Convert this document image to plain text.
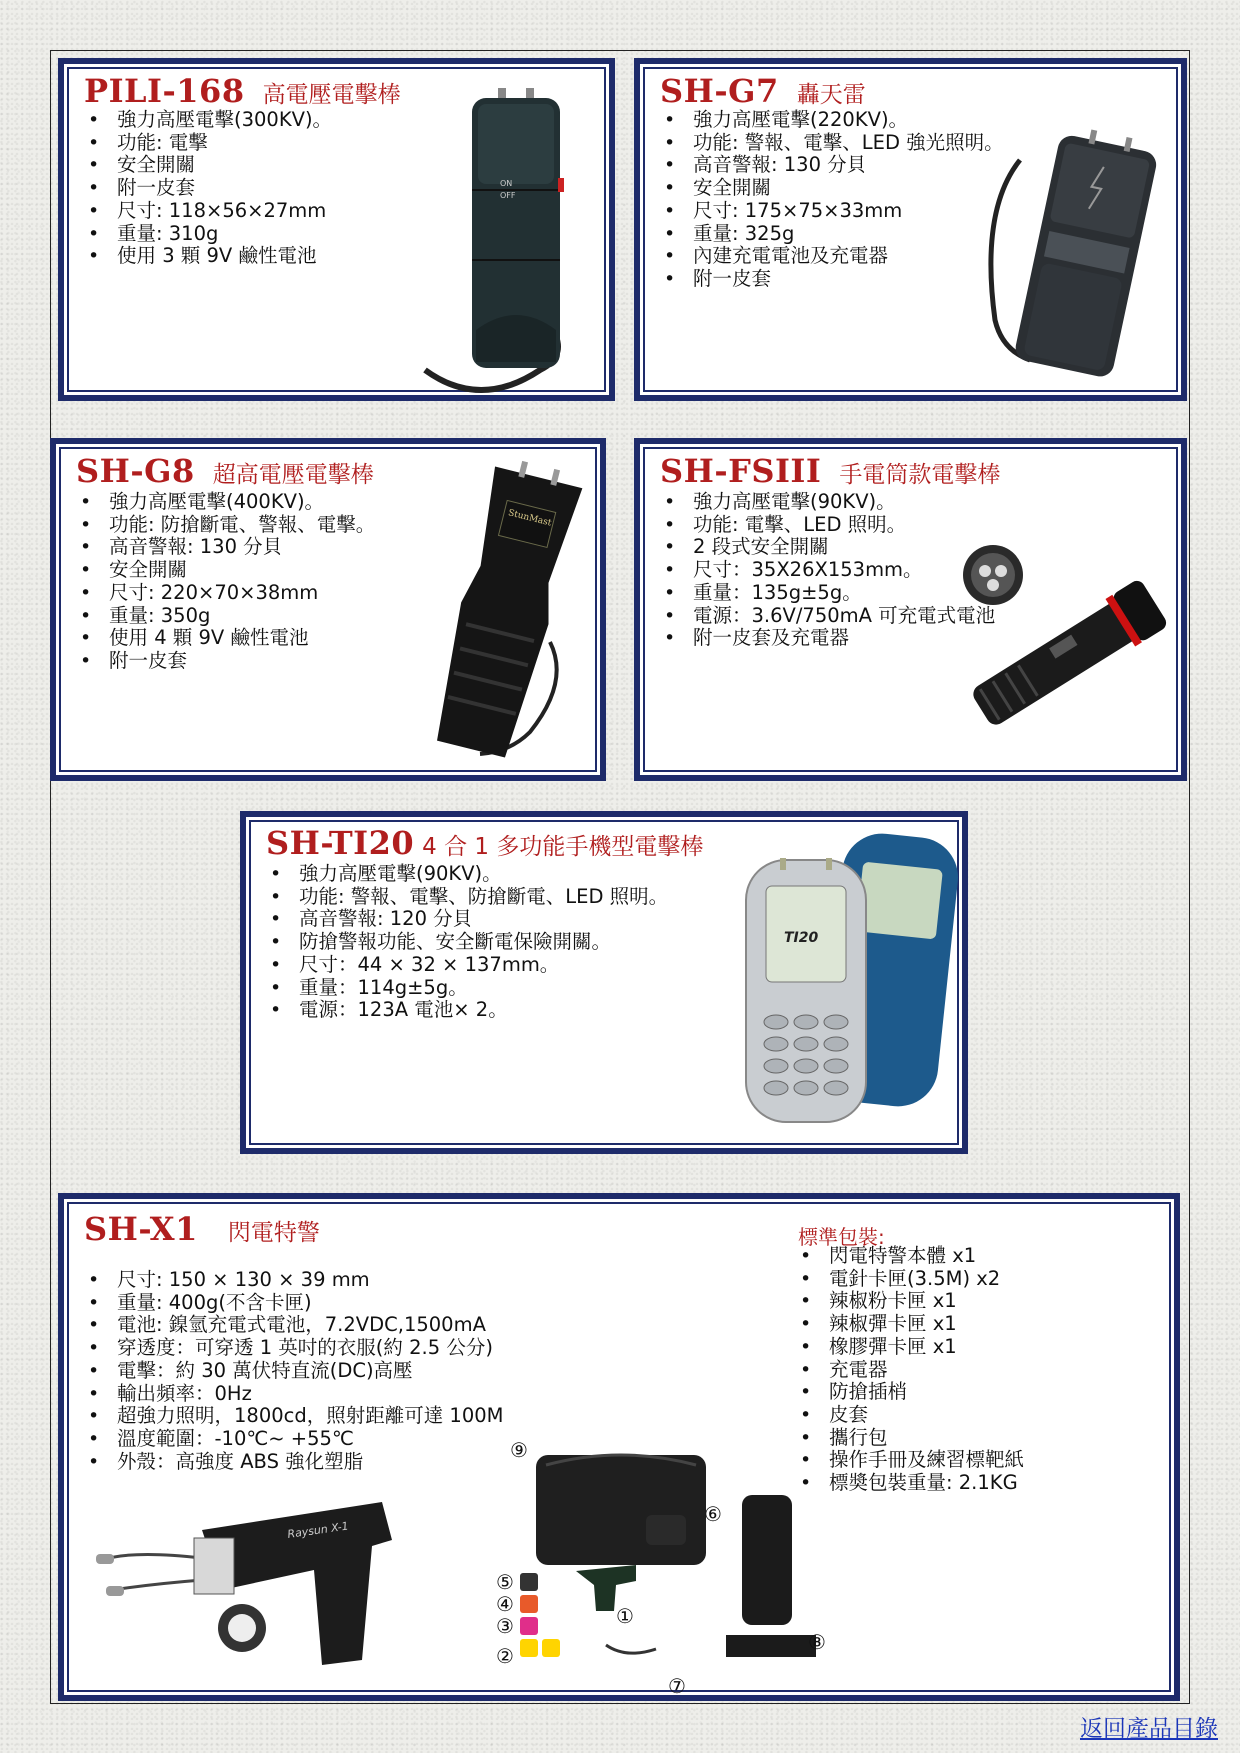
PILI-168 高電壓電擊棒
• 強力高壓電擊(300KV)。
• 功能: 電擊
• 安全開關
• 附一皮套
• 尺寸: 118×56×27mm
• 重量: 310g
• 使用 3 顆 9V 鹼性電池
ON
OFF
SH-G7 轟天雷
• 強力高壓電擊(220KV)。
• 功能: 警報、電擊、LED 強光照明。
• 高音警報: 130 分貝
• 安全開關
• 尺寸: 175×75×33mm
• 重量: 325g
• 內建充電電池及充電器
• 附一皮套
SH-G8 超高電壓電擊棒
• 強力高壓電擊(400KV)。
• 功能: 防搶斷電、警報、電擊。
• 高音警報: 130 分貝
• 安全開關
• 尺寸: 220×70×38mm
• 重量: 350g
• 使用 4 顆 9V 鹼性電池
• 附一皮套
StunMast
SH-FSIII 手電筒款電擊棒
• 強力高壓電擊(90KV)。
• 功能: 電擊、LED 照明。
• 2 段式安全開關
• 尺寸：35X26X153mm。
• 重量：135g±5g。
• 電源：3.6V/750mA 可充電式電池
• 附一皮套及充電器
SH-TI20 4 合 1 多功能手機型電擊棒
• 強力高壓電擊(90KV)。
• 功能: 警報、電擊、防搶斷電、LED 照明。
• 高音警報: 120 分貝
• 防搶警報功能、安全斷電保險開關。
• 尺寸：44 × 32 × 137mm。
• 重量：114g±5g。
• 電源：123A 電池× 2。
TI20
SH-X1 閃電特警
• 尺寸: 150 × 130 × 39 mm
• 重量: 400g(不含卡匣)
• 電池: 鎳氫充電式電池，7.2VDC,1500mA
• 穿透度：可穿透 1 英吋的衣服(約 2.5 公分)
• 電擊：約 30 萬伏特直流(DC)高壓
• 輸出頻率：0Hz
• 超強力照明，1800cd，照射距離可達 100M
• 溫度範圍：-10℃~ +55℃
• 外殼：高強度 ABS 強化塑脂
標準包裝:
• 閃電特警本體 x1
• 電針卡匣(3.5M) x2
• 辣椒粉卡匣 x1
• 辣椒彈卡匣 x1
• 橡膠彈卡匣 x1
• 充電器
• 防搶插梢
• 皮套
• 攜行包
• 操作手冊及練習標靶紙
• 標奬包裝重量: 2.1KG
Raysun X-1
⑨
⑥
⑤
④
③	①
⑧
②
⑦
返回產品目錄
